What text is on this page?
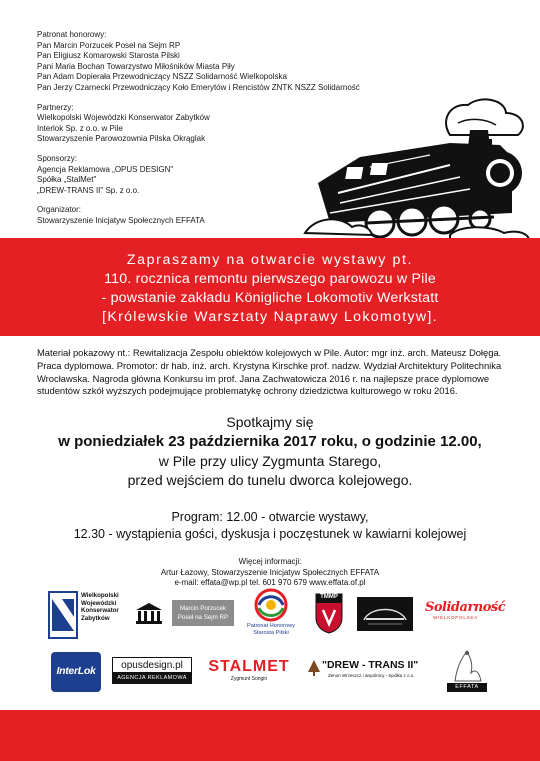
Patronat honorowy:
Pan Marcin Porzucek Poseł na Sejm RP
Pan Eligiusz Komarowski Starosta Pilski
Pani Maria Bochan Towarzystwo Miłośników Miasta Piły
Pan Adam Dopierała Przewodniczący NSZZ Solidarność Wielkopolska
Pan Jerzy Czarnecki Przewodniczący Koło Emerytów i Rencistów ZNTK NSZZ Solidarność
Partnerzy:
Wielkopolski Wojewódzki Konserwator Zabytków
Interlok Sp. z o.o. w Pile
Stowarzyszenie Parowozownia Pilska Okrąglak
Sponsorzy:
Agencja Reklamowa „OPUS DESIGN"
Spółka „StalMet"
„DREW-TRANS II" Sp. z o.o.
Organizator:
Stowarzyszenie Inicjatyw Społecznych EFFATA
Zapraszamy na otwarcie wystawy pt.
110. rocznica remontu pierwszego parowozu w Pile
- powstanie zakładu Königliche Lokomotiv Werkstatt
[Królewskie Warsztaty Naprawy Lokomotyw].
Materiał pokazowy nt.: Rewitalizacja Zespołu obiektów kolejowych w Pile. Autor: mgr inż. arch. Mateusz Dołęga. Praca dyplomowa. Promotor: dr hab. inż. arch. Krystyna Kirschke prof. nadzw. Wydział Architektury Politechnika Wrocławska. Nagroda główna Konkursu im prof. Jana Zachwatowicza 2016 r. na najlepsze prace dyplomowe studentów szkół wyższych podejmujące problematykę ochrony dziedzictwa kulturowego w roku 2016.
Spotkajmy się
w poniedziałek 23 października 2017 roku, o godzinie 12.00,
w Pile przy ulicy Zygmunta Starego,
przed wejściem do tunelu dworca kolejowego.
Program: 12.00 - otwarcie wystawy,
12.30 - wystąpienia gości, dyskusja i poczęstunek w kawiarni kolejowej
Więcej informacji:
Artur Łazowy, Stowarzyszenie Inicjatyw Społecznych EFFATA
e-mail: effata@wp.pl tel. 601 970 679 www.effata.of.pl
Wielkopolski
Wojewódzki
Konserwator
Zabytków
Marcin Porzucek
Poseł na Sejm RP
Patronat Honorowy
Starosta Pilski
TMMP
Solidarność
WIELKOPOLSKA
InterLok	opusdesign.pl
AGENCJA REKLAMOWA
STALMET
Zygmunt Songin
"DREW - TRANS II"
Zenon Wrzeszcz i wspólnicy - Spółka z o.o.
EFFATA
